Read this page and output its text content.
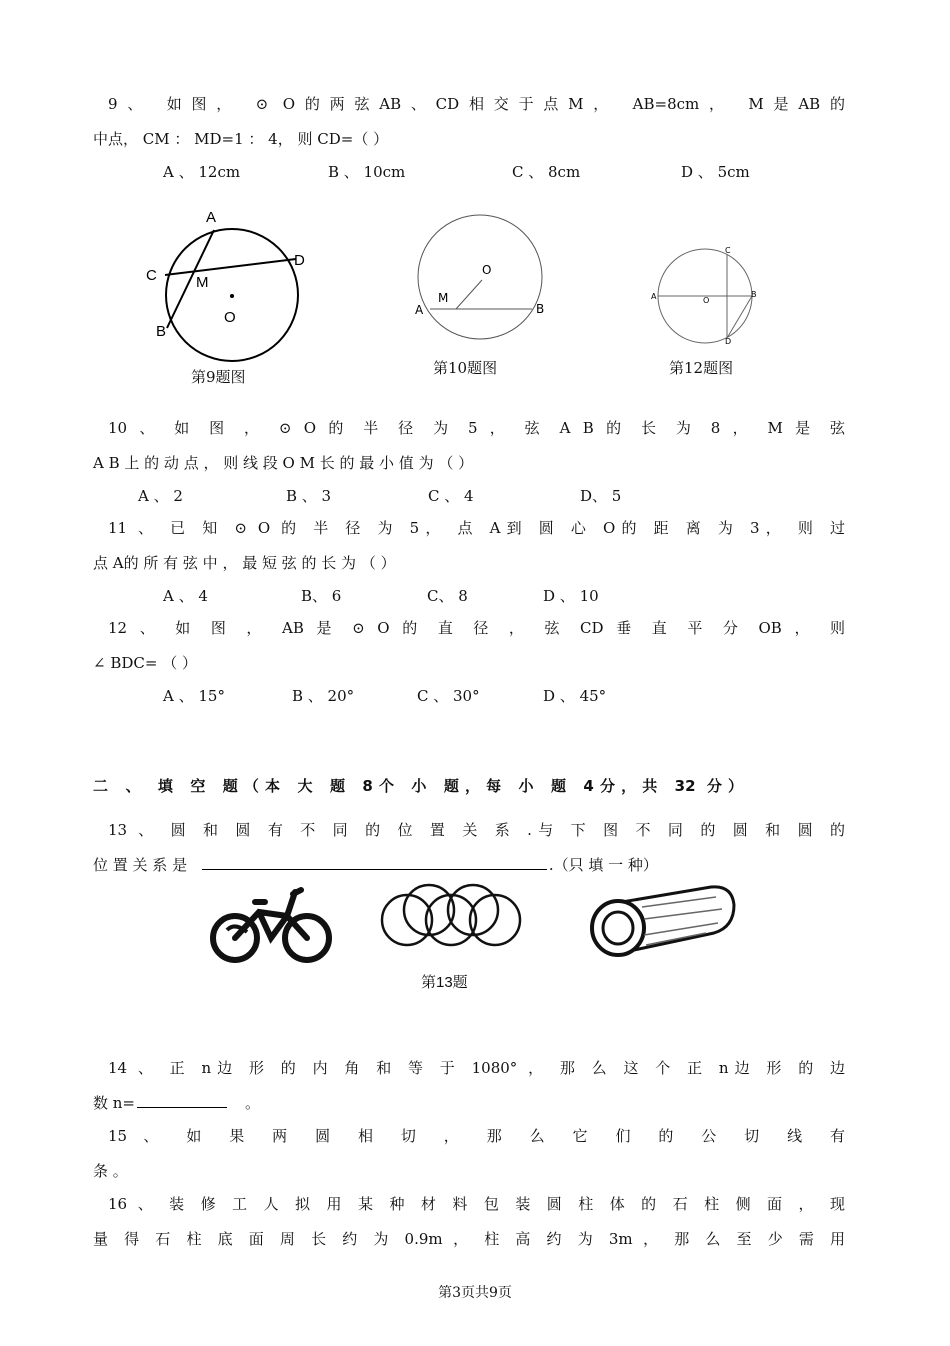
9、 如图， ⊙ O的两弦AB、CD相交于点M， AB=8cm， M是AB的
中点， CM ： MD=1 ： 4， 则 CD=（ ）
A 、 12cm	B 、 10cm	C 、 8cm	D 、 5cm
A
C
D
M
O
B
第9题图
O
M
A	B
第10题图
A	O
C
B
D
第12题图
10 、 如 图 ， ⊙ O 的 半 径 为 5 ， 弦 A B 的 长 为 8 ， M 是 弦
A B 上 的 动 点 ， 则 线 段 O M 长 的 最 小 值 为 （ ）
A 、 2	B 、 3	C 、 4	D、 5
11 、 已 知 ⊙ O 的 半 径 为 5， 点 A到 圆 心 O的 距 离 为 3， 则 过
点 A的 所 有 弦 中 ， 最 短 弦 的 长 为 （ ）
A 、 4	B、 6	C、 8	D 、 10
12 、 如 图 ， AB 是 ⊙ O 的 直 径 ， 弦 CD 垂 直 平 分 OB ， 则
∠ BDC= （ ）
A 、 15°	B 、 20°	C 、 30°	D 、 45°
二 、 填 空 题（本 大 题 8个 小 题，每 小 题 4分，共 32 分）
13 、 圆 和 圆 有 不 同 的 位 置 关 系 .与 下 图 不 同 的 圆 和 圆 的
位 置 关 系 是	.（只 填 一 种）
第13题
14 、 正 n边 形 的 内 角 和 等 于 1080° ， 那 么 这 个 正 n边 形 的 边
数 n=	。
15 、 如 果 两 圆 相 切 ， 那 么 它 们 的 公 切 线 有
条 。
16 、 装 修 工 人 拟 用 某 种 材 料 包 装 圆 柱 体 的 石 柱 侧 面 ， 现
量 得 石 柱 底 面 周 长 约 为 0.9m ， 柱 高 约 为 3m ， 那 么 至 少 需 用
第3页共9页
